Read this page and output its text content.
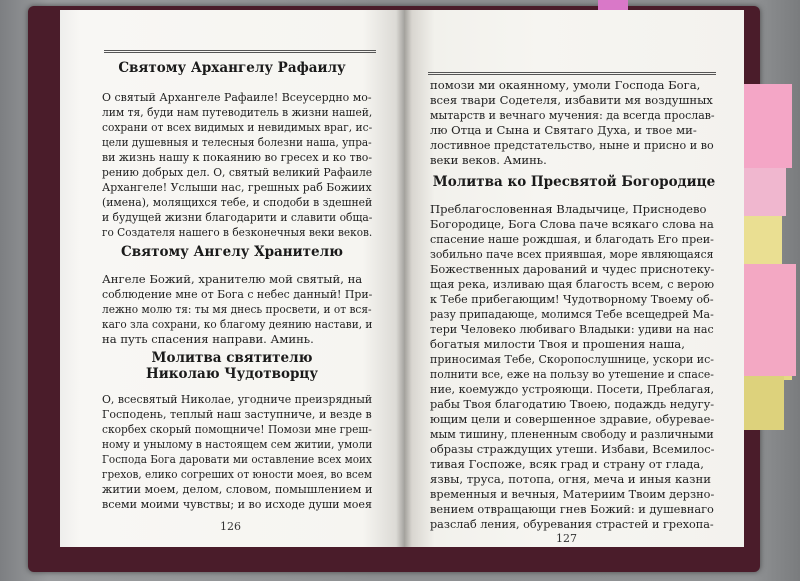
Святому Архангелу Рафаилу
О святый Архангеле Рафаиле! Всеусердно мо-
лим тя, буди нам путеводитель в жизни нашей,
сохрани от всех видимых и невидимых враг, ис-
цели душевныя и телесныя болезни наша, упра-
ви жизнь нашу к покаянию во гресех и ко тво-
рению добрых дел. О, святый великий Рафаиле
Архангеле! Услыши нас, грешных раб Божиих
(имена), молящихся тебе, и сподоби в здешней
и будущей жизни благодарити и славити обща-
го Создателя нашего в безконечныя веки веков.
Святому Ангелу Хранителю
Ангеле Божий, хранителю мой святый, на
соблюдение мне от Бога с небес данный! При-
лежно молю тя: ты мя днесь просвети, и от вся-
каго зла сохрани, ко благому деянию настави, и
на путь спасения направи. Аминь.
Молитва святителю
Николаю Чудотворцу
О, всесвятый Николае, угодниче преизрядный
Господень, теплый наш заступниче, и везде в
скорбех скорый помощниче! Помози мне греш-
ному и унылому в настоящем сем житии, умоли
Господа Бога даровати ми оставление всех моих
грехов, елико согреших от юности моея, во всем
житии моем, делом, словом, помышлением и
всеми моими чувствы; и во исходе души моея
126
помози ми окаянному, умоли Господа Бога,
всея твари Содетеля, избавити мя воздушных
мытарств и вечнаго мучения: да всегда прослав-
лю Отца и Сына и Святаго Духа, и твое ми-
лостивное предстательство, ныне и присно и во
веки веков. Аминь.
Молитва ко Пресвятой Богородице
Преблагословенная Владычице, Приснодево
Богородице, Бога Слова паче всякаго слова на
спасение наше рождшая, и благодать Его преи-
зобильно паче всех приявшая, море являющаяся
Божественных дарований и чудес приснотеку-
щая река, изливаю щая благость всем, с верою
к Тебе прибегающим! Чудотворному Твоему об-
разу припадающе, молимся Тебе всещедрей Ма-
тери Человеко любиваго Владыки: удиви на нас
богатыя милости Твоя и прошения наша,
приносимая Тебе, Скоропослушнице, ускори ис-
полнити все, еже на пользу во утешение и спасе-
ние, коемуждо устрояющи. Посети, Преблагая,
рабы Твоя благодатию Твоею, подаждь недугу-
ющим цели и совершенное здравие, обуревае-
мым тишину, плененным свободу и различными
образы страждущих утеши. Избави, Всемилос-
тивая Госпоже, всяк град и страну от глада,
язвы, труса, потопа, огня, меча и иныя казни
временныя и вечныя, Материим Твоим дерзно-
вением отвращающи гнев Божий: и душевнаго
разслаб ления, обуревания страстей и грехопа-
127
